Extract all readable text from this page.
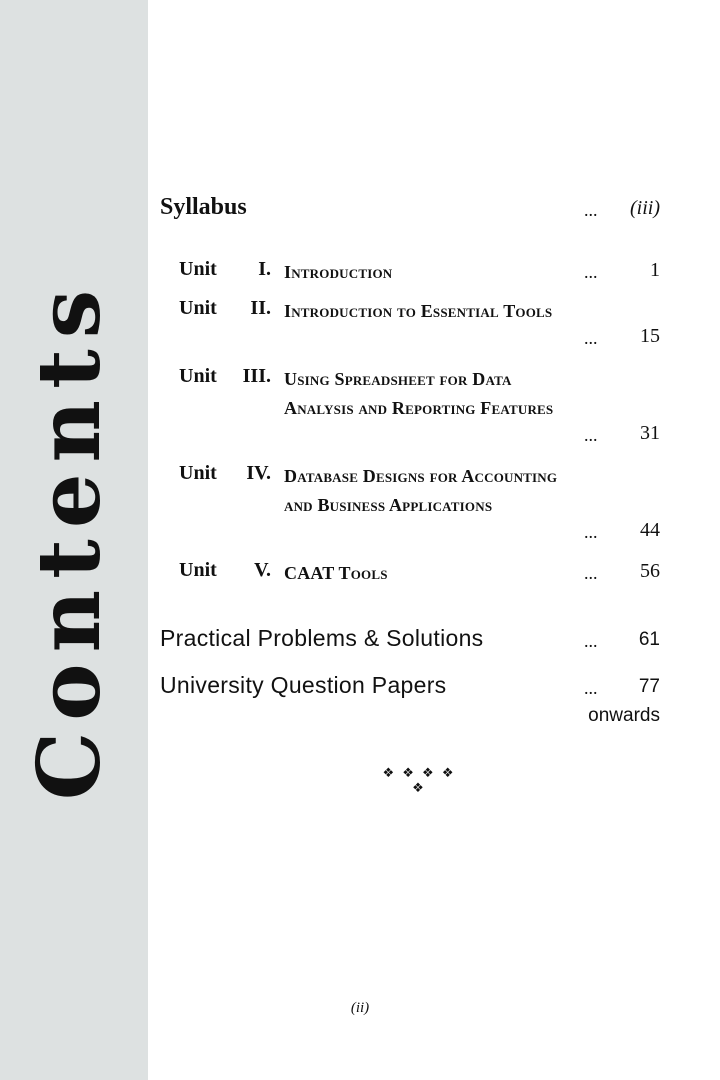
Contents
Syllabus	...	(iii)
Unit	I. Introduction	...	1
Unit	II. Introduction to Essential Tools
...	15
Unit	III. Using Spreadsheet for Data Analysis and Reporting Features
...	31
Unit	IV. Database Designs for Accounting and Business Applications
...	44
Unit	V. CAAT Tools	...	56
Practical Problems & Solutions	...	61
University Question Papers	...	77
onwards
❖ ❖ ❖ ❖ ❖
(ii)
